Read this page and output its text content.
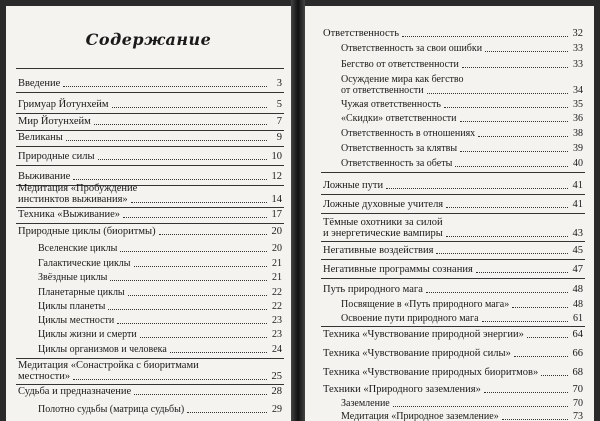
Содержание
Введение	3
Гримуар Йотунхейм	5
Мир Йотунхейм	7
Великаны	9
Природные силы	10
Выживание	12
Медитация «Пробуждение
инстинктов выживания»	14
Техника «Выживание»	17
Природные циклы (биоритмы)	20
Вселенские циклы	20
Галактические циклы	21
Звёздные циклы	21
Планетарные циклы	22
Циклы планеты	22
Циклы местности	23
Циклы жизни и смерти	23
Циклы организмов и человека	24
Медитация «Сонастройка с биоритмами
местности»	25
Судьба и предназначение	28
Полотно судьбы (матрица судьбы)	29
Ответственность	32
Ответственность за свои ошибки	33
Бегство от ответственности	33
Осуждение мира как бегство
от ответственности	34
Чужая ответственность	35
«Скидки» ответственности	36
Ответственность в отношениях	38
Ответственность за клятвы	39
Ответственность за обеты	40
Ложные пути	41
Ложные духовные учителя	41
Тёмные охотники за силой
и энергетические вампиры	43
Негативные воздействия	45
Негативные программы сознания	47
Путь природного мага	48
Посвящение в «Путь природного мага»	48
Освоение пути природного мага	61
Техника «Чувствование природной энергии»	64
Техника «Чувствование природной силы»	66
Техника «Чувствование природных биоритмов»	68
Техники «Природного заземления»	70
Заземление	70
Медитация «Природное заземление»	73
